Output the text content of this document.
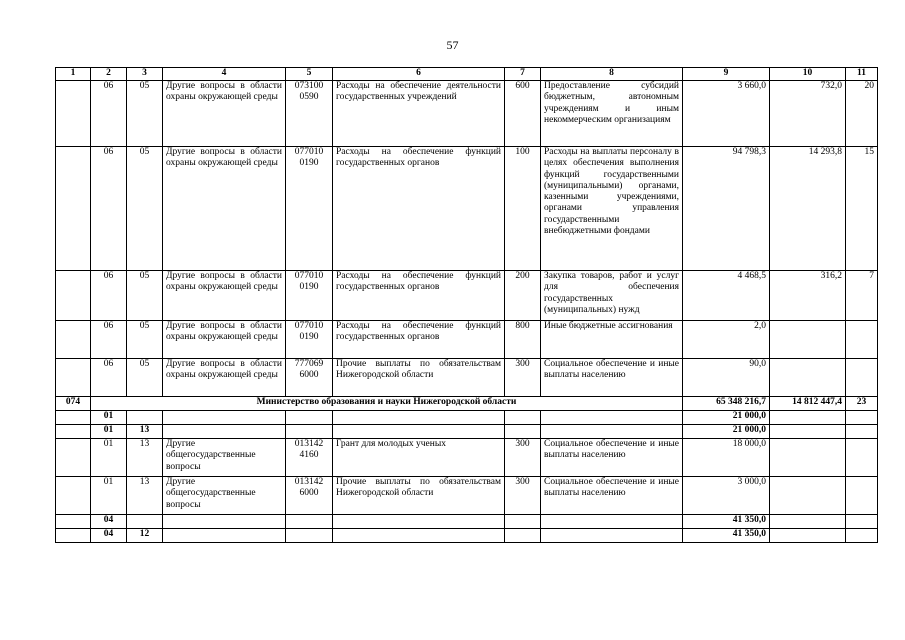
57
1	2	3	4	5	6	7	8	9	10	11
	06	05	Другие вопросы в области охраны окружающей среды	073100 0590	Расходы на обеспечение деятельности государственных учреждений	600	Предоставление субсидий бюджетным, автономным учреждениям и иным некоммерческим организациям	3 660,0	732,0	20
	06	05	Другие вопросы в области охраны окружающей среды	077010 0190	Расходы на обеспечение функций государственных органов	100	Расходы на выплаты персоналу в целях обеспечения выполнения функций государственными (муниципальными) органами, казенными учреждениями, органами управления государственными внебюджетными фондами	94 798,3	14 293,8	15
	06	05	Другие вопросы в области охраны окружающей среды	077010 0190	Расходы на обеспечение функций государственных органов	200	Закупка товаров, работ и услуг для обеспечения государственных (муниципальных) нужд	4 468,5	316,2	7
	06	05	Другие вопросы в области охраны окружающей среды	077010 0190	Расходы на обеспечение функций государственных органов	800	Иные бюджетные ассигнования	2,0		
	06	05	Другие вопросы в области охраны окружающей среды	777069 6000	Прочие выплаты по обязательствам Нижегородской области	300	Социальное обеспечение и иные выплаты населению	90,0		
074	Министерство образования и науки Нижегородской области							65 348 216,7	14 812 447,4	23
	01							21 000,0		
	01	13						21 000,0		
	01	13	Другие общегосударственные вопросы	013142 4160	Грант для молодых ученых	300	Социальное обеспечение и иные выплаты населению	18 000,0		
	01	13	Другие общегосударственные вопросы	013142 6000	Прочие выплаты по обязательствам Нижегородской области	300	Социальное обеспечение и иные выплаты населению	3 000,0		
	04							41 350,0		
	04	12						41 350,0		
